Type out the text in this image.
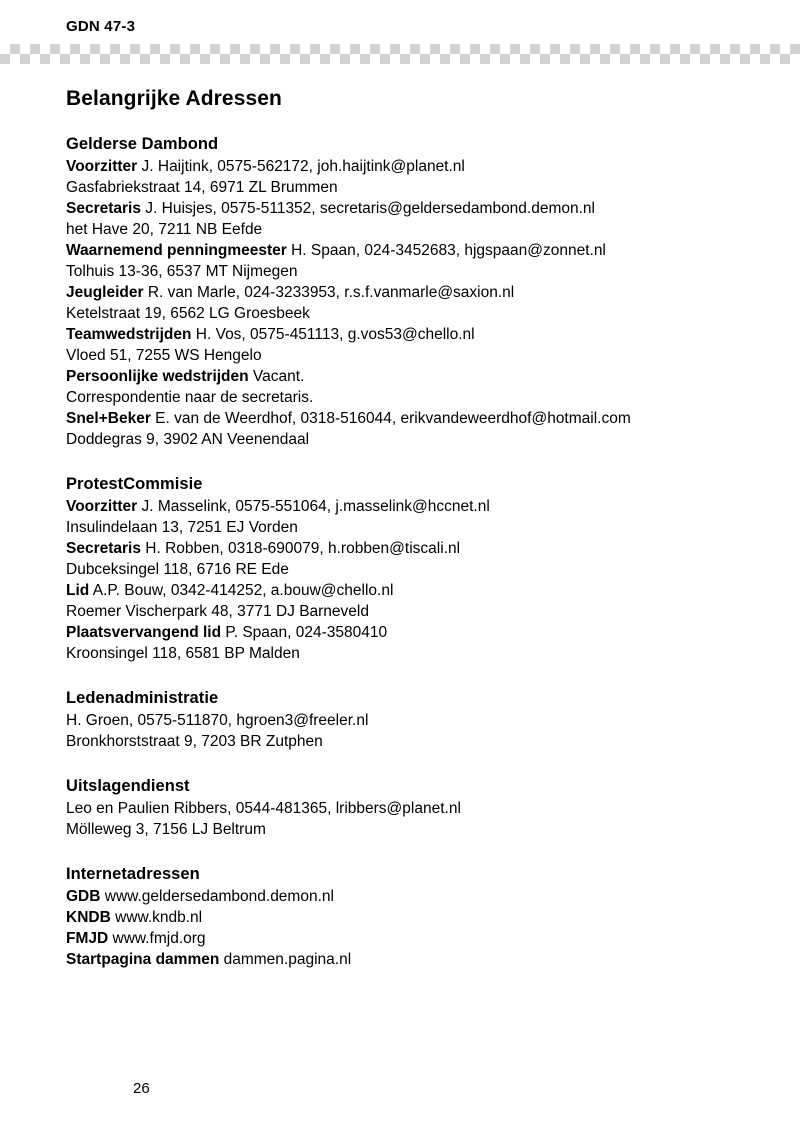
GDN 47-3
Belangrijke Adressen
Gelderse Dambond
Voorzitter J. Haijtink, 0575-562172, joh.haijtink@planet.nl
Gasfabriekstraat 14, 6971 ZL Brummen
Secretaris J. Huisjes, 0575-511352, secretaris@geldersedambond.demon.nl
het Have 20, 7211 NB Eefde
Waarnemend penningmeester H. Spaan, 024-3452683, hjgspaan@zonnet.nl
Tolhuis 13-36, 6537 MT Nijmegen
Jeugleider R. van Marle, 024-3233953, r.s.f.vanmarle@saxion.nl
Ketelstraat 19, 6562 LG Groesbeek
Teamwedstrijden H. Vos, 0575-451113, g.vos53@chello.nl
Vloed 51, 7255 WS Hengelo
Persoonlijke wedstrijden Vacant.
Correspondentie naar de secretaris.
Snel+Beker E. van de Weerdhof, 0318-516044, erikvandeweerdhof@hotmail.com
Doddegras 9, 3902 AN Veenendaal
ProtestCommisie
Voorzitter J. Masselink, 0575-551064, j.masselink@hccnet.nl
Insulindelaan 13, 7251 EJ Vorden
Secretaris H. Robben, 0318-690079, h.robben@tiscali.nl
Dubceksingel 118, 6716 RE Ede
Lid A.P. Bouw, 0342-414252, a.bouw@chello.nl
Roemer Vischerpark 48, 3771 DJ Barneveld
Plaatsvervangend lid P. Spaan, 024-3580410
Kroonsingel 118, 6581 BP Malden
Ledenadministratie
H. Groen, 0575-511870, hgroen3@freeler.nl
Bronkhorststraat 9, 7203 BR Zutphen
Uitslagendienst
Leo en Paulien Ribbers, 0544-481365, lribbers@planet.nl
Mölleweg 3, 7156 LJ Beltrum
Internetadressen
GDB www.geldersedambond.demon.nl
KNDB www.kndb.nl
FMJD www.fmjd.org
Startpagina dammen dammen.pagina.nl
26
